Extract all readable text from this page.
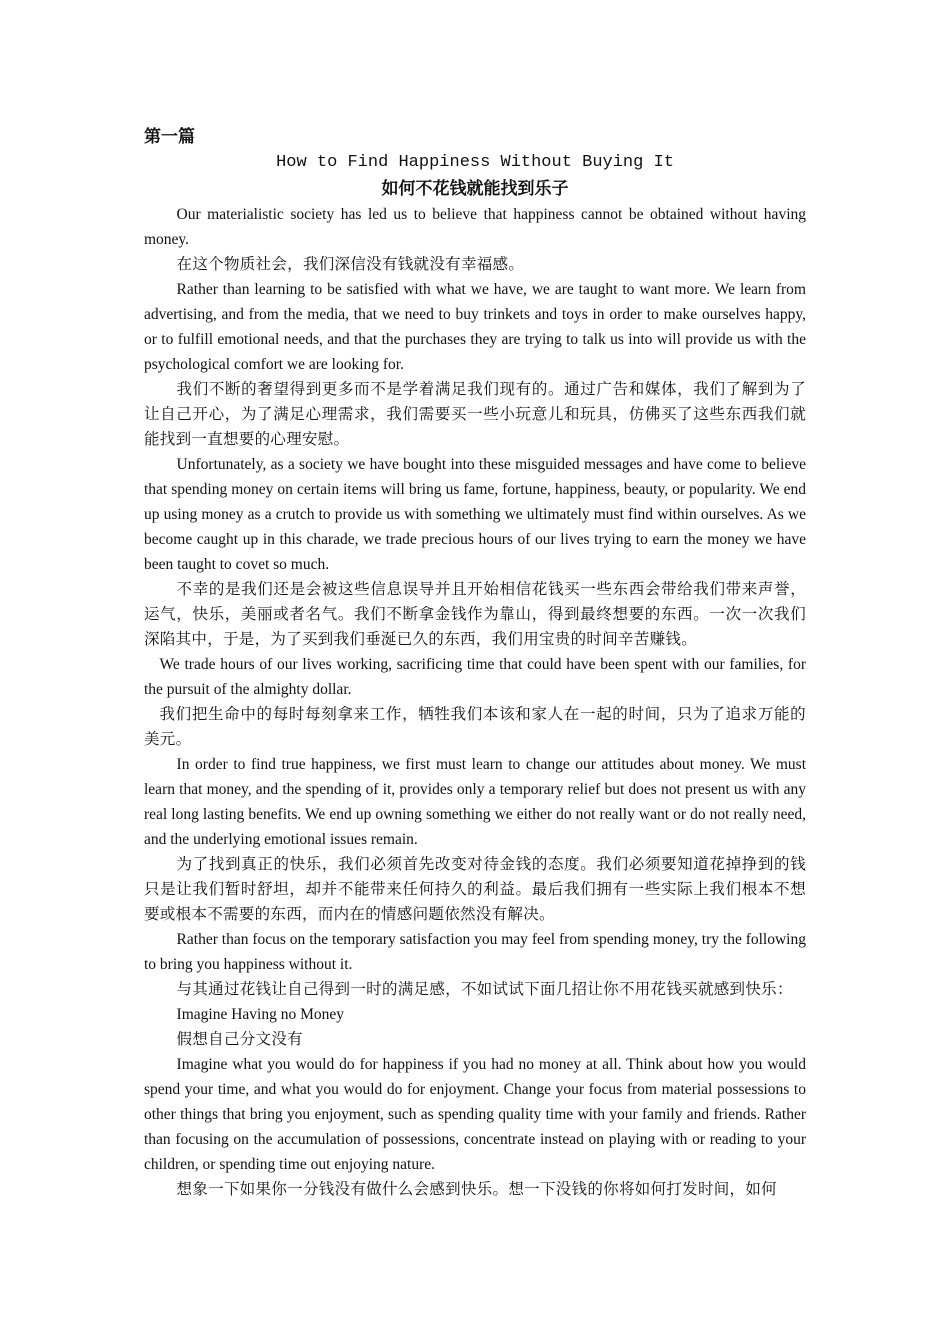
第一篇
How to Find Happiness Without Buying It
如何不花钱就能找到乐子

Our materialistic society has led us to believe that happiness cannot be obtained without having money.

在这个物质社会，我们深信没有钱就没有幸福感。

Rather than learning to be satisfied with what we have, we are taught to want more. We learn from advertising, and from the media, that we need to buy trinkets and toys in order to make ourselves happy, or to fulfill emotional needs, and that the purchases they are trying to talk us into will provide us with the psychological comfort we are looking for.

我们不断的奢望得到更多而不是学着满足我们现有的。通过广告和媒体，我们了解到为了让自己开心，为了满足心理需求，我们需要买一些小玩意儿和玩具，仿佛买了这些东西我们就能找到一直想要的心理安慰。

Unfortunately, as a society we have bought into these misguided messages and have come to believe that spending money on certain items will bring us fame, fortune, happiness, beauty, or popularity. We end up using money as a crutch to provide us with something we ultimately must find within ourselves. As we become caught up in this charade, we trade precious hours of our lives trying to earn the money we have been taught to covet so much.

不幸的是我们还是会被这些信息误导并且开始相信花钱买一些东西会带给我们带来声誉，运气，快乐，美丽或者名气。我们不断拿金钱作为靠山，得到最终想要的东西。一次一次我们深陷其中，于是，为了买到我们垂涎已久的东西，我们用宝贵的时间辛苦赚钱。

We trade hours of our lives working, sacrificing time that could have been spent with our families, for the pursuit of the almighty dollar.

我们把生命中的每时每刻拿来工作，牺牲我们本该和家人在一起的时间，只为了追求万能的美元。

In order to find true happiness, we first must learn to change our attitudes about money. We must learn that money, and the spending of it, provides only a temporary relief but does not present us with any real long lasting benefits. We end up owning something we either do not really want or do not really need, and the underlying emotional issues remain.

为了找到真正的快乐，我们必须首先改变对待金钱的态度。我们必须要知道花掉挣到的钱只是让我们暂时舒坦，却并不能带来任何持久的利益。最后我们拥有一些实际上我们根本不想要或根本不需要的东西，而内在的情感问题依然没有解决。

Rather than focus on the temporary satisfaction you may feel from spending money, try the following to bring you happiness without it.

与其通过花钱让自己得到一时的满足感，不如试试下面几招让你不用花钱买就感到快乐：

Imagine Having no Money

假想自己分文没有

Imagine what you would do for happiness if you had no money at all. Think about how you would spend your time, and what you would do for enjoyment. Change your focus from material possessions to other things that bring you enjoyment, such as spending quality time with your family and friends. Rather than focusing on the accumulation of possessions, concentrate instead on playing with or reading to your children, or spending time out enjoying nature.

想象一下如果你一分钱没有做什么会感到快乐。想一下没钱的你将如何打发时间，如何
